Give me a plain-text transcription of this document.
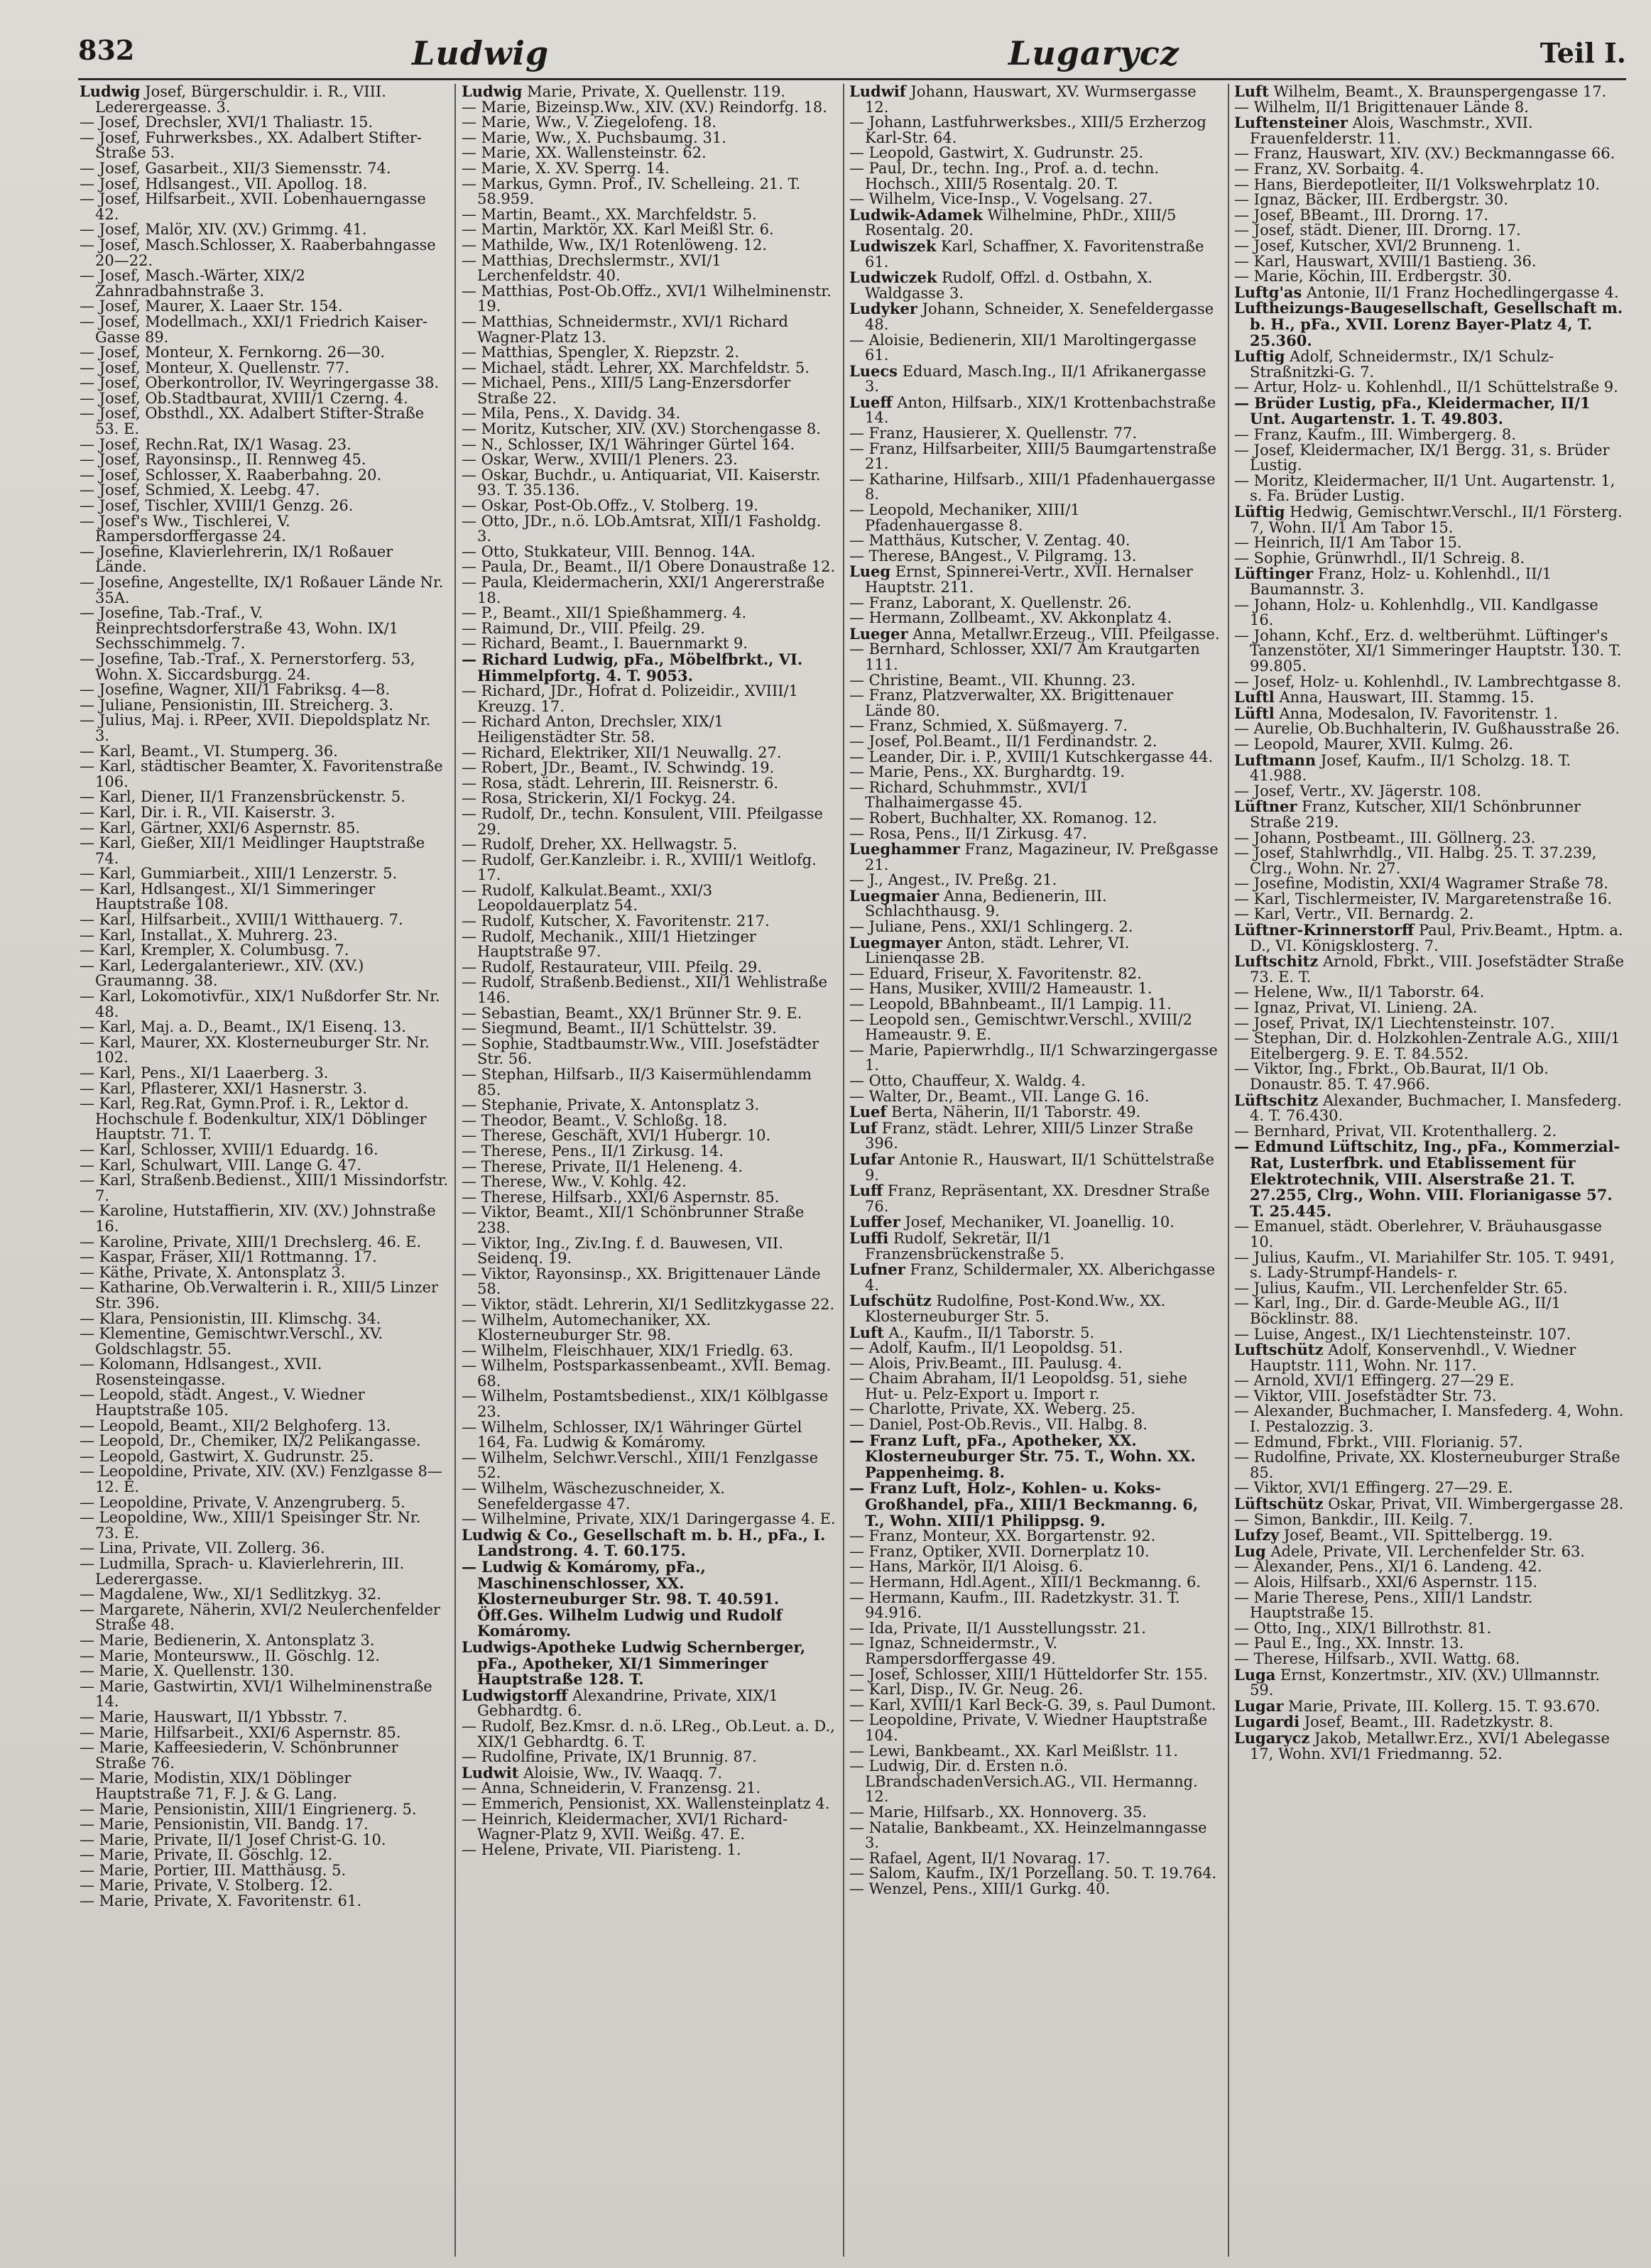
832	Ludwig	Lugarycz	Teil I.

Ludwig Josef, Bürgerschuldir. i. R., VIII. Lederergeasse. 3.

— Josef, Drechsler, XVI/1 Thaliastr. 15.

— Josef, Fuhrwerksbes., XX. Adalbert Stifter-Straße 53.

— Josef, Gasarbeit., XII/3 Siemensstr. 74.

— Josef, Hdlsangest., VII. Apollog. 18.

— Josef, Hilfsarbeit., XVII. Lobenhauerngasse 42.

— Josef, Malör, XIV. (XV.) Grimmg. 41.

— Josef, Masch.Schlosser, X. Raaberbahngasse 20—22.

— Josef, Masch.-Wärter, XIX/2 Zahnradbahnstraße 3.

— Josef, Maurer, X. Laaer Str. 154.

— Josef, Modellmach., XXI/1 Friedrich Kaiser-Gasse 89.

— Josef, Monteur, X. Fernkorng. 26—30.

— Josef, Monteur, X. Quellenstr. 77.

— Josef, Oberkontrollor, IV. Weyringergasse 38.

— Josef, Ob.Stadtbaurat, XVIII/1 Czerng. 4.

— Josef, Obsthdl., XX. Adalbert Stifter-Straße 53. E.

— Josef, Rechn.Rat, IX/1 Wasag. 23.

— Josef, Rayonsinsp., II. Rennweg 45.

— Josef, Schlosser, X. Raaberbahng. 20.

— Josef, Schmied, X. Leebg. 47.

— Josef, Tischler, XVIII/1 Genzg. 26.

— Josef's Ww., Tischlerei, V. Rampersdorffergasse 24.

— Josefine, Klavierlehrerin, IX/1 Roßauer Lände.

— Josefine, Angestellte, IX/1 Roßauer Lände Nr. 35A.

— Josefine, Tab.-Traf., V. Reinprechtsdorferstraße 43, Wohn. IX/1 Sechsschimmelg. 7.

— Josefine, Tab.-Traf., X. Pernerstorferg. 53, Wohn. X. Siccardsburgg. 24.

— Josefine, Wagner, XII/1 Fabriksg. 4—8.

— Juliane, Pensionistin, III. Streicherg. 3.

— Julius, Maj. i. RPeer, XVII. Diepoldsplatz Nr. 3.

— Karl, Beamt., VI. Stumperg. 36.

— Karl, städtischer Beamter, X. Favoritenstraße 106.

— Karl, Diener, II/1 Franzensbrückenstr. 5.

— Karl, Dir. i. R., VII. Kaiserstr. 3.

— Karl, Gärtner, XXI/6 Aspernstr. 85.

— Karl, Gießer, XII/1 Meidlinger Hauptstraße 74.

— Karl, Gummiarbeit., XIII/1 Lenzerstr. 5.

— Karl, Hdlsangest., XI/1 Simmeringer Hauptstraße 108.

— Karl, Hilfsarbeit., XVIII/1 Witthauerg. 7.

— Karl, Installat., X. Muhrerg. 23.

— Karl, Krempler, X. Columbusg. 7.

— Karl, Ledergalanteriewr., XIV. (XV.) Graumanng. 38.

— Karl, Lokomotivfür., XIX/1 Nußdorfer Str. Nr. 48.

— Karl, Maj. a. D., Beamt., IX/1 Eisenq. 13.

— Karl, Maurer, XX. Klosterneuburger Str. Nr. 102.

— Karl, Pens., XI/1 Laaerberg. 3.

— Karl, Pflasterer, XXI/1 Hasnerstr. 3.

— Karl, Reg.Rat, Gymn.Prof. i. R., Lektor d. Hochschule f. Bodenkultur, XIX/1 Döblinger Hauptstr. 71. T.

— Karl, Schlosser, XVIII/1 Eduardg. 16.

— Karl, Schulwart, VIII. Lange G. 47.

— Karl, Straßenb.Bedienst., XIII/1 Missindorfstr. 7.

— Karoline, Hutstaffierin, XIV. (XV.) Johnstraße 16.

— Karoline, Private, XIII/1 Drechslerg. 46. E.

— Kaspar, Fräser, XII/1 Rottmanng. 17.

— Käthe, Private, X. Antonsplatz 3.

— Katharine, Ob.Verwalterin i. R., XIII/5 Linzer Str. 396.

— Klara, Pensionistin, III. Klimschg. 34.

— Klementine, Gemischtwr.Verschl., XV. Goldschlagstr. 55.

— Kolomann, Hdlsangest., XVII. Rosensteingasse.

— Leopold, städt. Angest., V. Wiedner Hauptstraße 105.

— Leopold, Beamt., XII/2 Belghoferg. 13.

— Leopold, Dr., Chemiker, IX/2 Pelikangasse.

— Leopold, Gastwirt, X. Gudrunstr. 25.

— Leopoldine, Private, XIV. (XV.) Fenzlgasse 8—12. E.

— Leopoldine, Private, V. Anzengruberg. 5.

— Leopoldine, Ww., XIII/1 Speisinger Str. Nr. 73. E.

— Lina, Private, VII. Zollerg. 36.

— Ludmilla, Sprach- u. Klavierlehrerin, III. Lederergasse.

— Magdalene, Ww., XI/1 Sedlitzkyg. 32.

— Margarete, Näherin, XVI/2 Neulerchenfelder Straße 48.

— Marie, Bedienerin, X. Antonsplatz 3.

— Marie, Monteursww., II. Göschlg. 12.

— Marie, X. Quellenstr. 130.

— Marie, Gastwirtin, XVI/1 Wilhelminenstraße 14.

— Marie, Hauswart, II/1 Ybbsstr. 7.

— Marie, Hilfsarbeit., XXI/6 Aspernstr. 85.

— Marie, Kaffeesiederin, V. Schönbrunner Straße 76.

— Marie, Modistin, XIX/1 Döblinger Hauptstraße 71, F. J. & G. Lang.

— Marie, Pensionistin, XIII/1 Eingrienerg. 5.

— Marie, Pensionistin, VII. Bandg. 17.

— Marie, Private, II/1 Josef Christ-G. 10.

— Marie, Private, II. Göschlg. 12.

— Marie, Portier, III. Matthäusg. 5.

— Marie, Private, V. Stolberg. 12.

— Marie, Private, X. Favoritenstr. 61.

Ludwig Marie, Private, X. Quellenstr. 119.

— Marie, Bizeinsp.Ww., XIV. (XV.) Reindorfg. 18.

— Marie, Ww., V. Ziegelofeng. 18.

— Marie, Ww., X. Puchsbaumg. 31.

— Marie, XX. Wallensteinstr. 62.

— Marie, X. XV. Sperrg. 14.

— Markus, Gymn. Prof., IV. Schelleing. 21. T. 58.959.

— Martin, Beamt., XX. Marchfeldstr. 5.

— Martin, Marktör, XX. Karl Meißl Str. 6.

— Mathilde, Ww., IX/1 Rotenlöweng. 12.

— Matthias, Drechslermstr., XVI/1 Lerchenfeldstr. 40.

— Matthias, Post-Ob.Offz., XVI/1 Wilhelminenstr. 19.

— Matthias, Schneidermstr., XVI/1 Richard Wagner-Platz 13.

— Matthias, Spengler, X. Riepzstr. 2.

— Michael, städt. Lehrer, XX. Marchfeldstr. 5.

— Michael, Pens., XIII/5 Lang-Enzersdorfer Straße 22.

— Mila, Pens., X. Davidg. 34.

— Moritz, Kutscher, XIV. (XV.) Storchengasse 8.

— N., Schlosser, IX/1 Währinger Gürtel 164.

— Oskar, Werw., XVIII/1 Pleners. 23.

— Oskar, Buchdr., u. Antiquariat, VII. Kaiserstr. 93. T. 35.136.

— Oskar, Post-Ob.Offz., V. Stolberg. 19.

— Otto, JDr., n.ö. LOb.Amtsrat, XIII/1 Fasholdg. 3.

— Otto, Stukkateur, VIII. Bennog. 14A.

— Paula, Dr., Beamt., II/1 Obere Donaustraße 12.

— Paula, Kleidermacherin, XXI/1 Angererstraße 18.

— P., Beamt., XII/1 Spießhammerg. 4.

— Raimund, Dr., VIII. Pfeilg. 29.

— Richard, Beamt., I. Bauernmarkt 9.

— Richard Ludwig, pFa., Möbelfbrkt., VI. Himmelpfortg. 4. T. 9053.

— Richard, JDr., Hofrat d. Polizeidir., XVIII/1 Kreuzg. 17.

— Richard Anton, Drechsler, XIX/1 Heiligenstädter Str. 58.

— Richard, Elektriker, XII/1 Neuwallg. 27.

— Robert, JDr., Beamt., IV. Schwindg. 19.

— Rosa, städt. Lehrerin, III. Reisnerstr. 6.

— Rosa, Strickerin, XI/1 Fockyg. 24.

— Rudolf, Dr., techn. Konsulent, VIII. Pfeilgasse 29.

— Rudolf, Dreher, XX. Hellwagstr. 5.

— Rudolf, Ger.Kanzleibr. i. R., XVIII/1 Weitlofg. 17.

— Rudolf, Kalkulat.Beamt., XXI/3 Leopoldauerplatz 54.

— Rudolf, Kutscher, X. Favoritenstr. 217.

— Rudolf, Mechanik., XIII/1 Hietzinger Hauptstraße 97.

— Rudolf, Restaurateur, VIII. Pfeilg. 29.

— Rudolf, Straßenb.Bedienst., XII/1 Wehlistraße 146.

— Sebastian, Beamt., XX/1 Brünner Str. 9. E.

— Siegmund, Beamt., II/1 Schüttelstr. 39.

— Sophie, Stadtbaumstr.Ww., VIII. Josefstädter Str. 56.

— Stephan, Hilfsarb., II/3 Kaisermühlendamm 85.

— Stephanie, Private, X. Antonsplatz 3.

— Theodor, Beamt., V. Schloßg. 18.

— Therese, Geschäft, XVI/1 Hubergr. 10.

— Therese, Pens., II/1 Zirkusg. 14.

— Therese, Private, II/1 Heleneng. 4.

— Therese, Ww., V. Kohlg. 42.

— Therese, Hilfsarb., XXI/6 Aspernstr. 85.

— Viktor, Beamt., XII/1 Schönbrunner Straße 238.

— Viktor, Ing., Ziv.Ing. f. d. Bauwesen, VII. Seidenq. 19.

— Viktor, Rayonsinsp., XX. Brigittenauer Lände 58.

— Viktor, städt. Lehrerin, XI/1 Sedlitzkygasse 22.

— Wilhelm, Automechaniker, XX. Klosterneuburger Str. 98.

— Wilhelm, Fleischhauer, XIX/1 Friedlg. 63.

— Wilhelm, Postsparkassenbeamt., XVII. Bemag. 68.

— Wilhelm, Postamtsbedienst., XIX/1 Kölblgasse 23.

— Wilhelm, Schlosser, IX/1 Währinger Gürtel 164, Fa. Ludwig & Komáromy.

— Wilhelm, Selchwr.Verschl., XIII/1 Fenzlgasse 52.

— Wilhelm, Wäschezuschneider, X. Senefeldergasse 47.

— Wilhelmine, Private, XIX/1 Daringergasse 4. E.

Ludwig & Co., Gesellschaft m. b. H., pFa., I. Landstrong. 4. T. 60.175.

— Ludwig & Komáromy, pFa., Maschinenschlosser, XX. Klosterneuburger Str. 98. T. 40.591. Öff.Ges. Wilhelm Ludwig und Rudolf Komáromy.

Ludwigs-Apotheke Ludwig Schernberger, pFa., Apotheker, XI/1 Simmeringer Hauptstraße 128. T.

Ludwigstorff Alexandrine, Private, XIX/1 Gebhardtg. 6.

— Rudolf, Bez.Kmsr. d. n.ö. LReg., Ob.Leut. a. D., XIX/1 Gebhardtg. 6. T.

— Rudolfine, Private, IX/1 Brunnig. 87.

Ludwit Aloisie, Ww., IV. Waaqq. 7.

— Anna, Schneiderin, V. Franzensg. 21.

— Emmerich, Pensionist, XX. Wallensteinplatz 4.

— Heinrich, Kleidermacher, XVI/1 Richard-Wagner-Platz 9, XVII. Weißg. 47. E.

— Helene, Private, VII. Piaristeng. 1.

Ludwif Johann, Hauswart, XV. Wurmsergasse 12.

— Johann, Lastfuhrwerksbes., XIII/5 Erzherzog Karl-Str. 64.

— Leopold, Gastwirt, X. Gudrunstr. 25.

— Paul, Dr., techn. Ing., Prof. a. d. techn. Hochsch., XIII/5 Rosentalg. 20. T.

— Wilhelm, Vice-Insp., V. Vogelsang. 27.

Ludwik-Adamek Wilhelmine, PhDr., XIII/5 Rosentalg. 20.

Ludwiszek Karl, Schaffner, X. Favoritenstraße 61.

Ludwiczek Rudolf, Offzl. d. Ostbahn, X. Waldgasse 3.

Ludyker Johann, Schneider, X. Senefeldergasse 48.

— Aloisie, Bedienerin, XII/1 Maroltingergasse 61.

Luecs Eduard, Masch.Ing., II/1 Afrikanergasse 3.

Lueff Anton, Hilfsarb., XIX/1 Krottenbachstraße 14.

— Franz, Hausierer, X. Quellenstr. 77.

— Franz, Hilfsarbeiter, XIII/5 Baumgartenstraße 21.

— Katharine, Hilfsarb., XIII/1 Pfadenhauergasse 8.

— Leopold, Mechaniker, XIII/1 Pfadenhauergasse 8.

— Matthäus, Kutscher, V. Zentag. 40.

— Therese, BAngest., V. Pilgramg. 13.

Lueg Ernst, Spinnerei-Vertr., XVII. Hernalser Hauptstr. 211.

— Franz, Laborant, X. Quellenstr. 26.

— Hermann, Zollbeamt., XV. Akkonplatz 4.

Lueger Anna, Metallwr.Erzeug., VIII. Pfeilgasse.

— Bernhard, Schlosser, XXI/7 Am Krautgarten 111.

— Christine, Beamt., VII. Khunng. 23.

— Franz, Platzverwalter, XX. Brigittenauer Lände 80.

— Franz, Schmied, X. Süßmayerg. 7.

— Josef, Pol.Beamt., II/1 Ferdinandstr. 2.

— Leander, Dir. i. P., XVIII/1 Kutschkergasse 44.

— Marie, Pens., XX. Burghardtg. 19.

— Richard, Schuhmmstr., XVI/1 Thalhaimergasse 45.

— Robert, Buchhalter, XX. Romanog. 12.

— Rosa, Pens., II/1 Zirkusg. 47.

Lueghammer Franz, Magazineur, IV. Preßgasse 21.

— J., Angest., IV. Preßg. 21.

Luegmaier Anna, Bedienerin, III. Schlachthausg. 9.

— Juliane, Pens., XXI/1 Schlingerg. 2.

Luegmayer Anton, städt. Lehrer, VI. Linienqasse 2B.

— Eduard, Friseur, X. Favoritenstr. 82.

— Hans, Musiker, XVIII/2 Hameaustr. 1.

— Leopold, BBahnbeamt., II/1 Lampig. 11.

— Leopold sen., Gemischtwr.Verschl., XVIII/2 Hameaustr. 9. E.

— Marie, Papierwrhdlg., II/1 Schwarzingergasse 1.

— Otto, Chauffeur, X. Waldg. 4.

— Walter, Dr., Beamt., VII. Lange G. 16.

Luef Berta, Näherin, II/1 Taborstr. 49.

Luf Franz, städt. Lehrer, XIII/5 Linzer Straße 396.

Lufar Antonie R., Hauswart, II/1 Schüttelstraße 9.

Luff Franz, Repräsentant, XX. Dresdner Straße 76.

Luffer Josef, Mechaniker, VI. Joanellig. 10.

Luffi Rudolf, Sekretär, II/1 Franzensbrückenstraße 5.

Lufner Franz, Schildermaler, XX. Alberichgasse 4.

Lufschütz Rudolfine, Post-Kond.Ww., XX. Klosterneuburger Str. 5.

Luft A., Kaufm., II/1 Taborstr. 5.

— Adolf, Kaufm., II/1 Leopoldsg. 51.

— Alois, Priv.Beamt., III. Paulusg. 4.

— Chaim Abraham, II/1 Leopoldsg. 51, siehe Hut- u. Pelz-Export u. Import r.

— Charlotte, Private, XX. Weberg. 25.

— Daniel, Post-Ob.Revis., VII. Halbg. 8.

— Franz Luft, pFa., Apotheker, XX. Klosterneuburger Str. 75. T., Wohn. XX. Pappenheimg. 8.

— Franz Luft, Holz-, Kohlen- u. Koks-Großhandel, pFa., XIII/1 Beckmanng. 6, T., Wohn. XIII/1 Philippsg. 9.

— Franz, Monteur, XX. Borgartenstr. 92.

— Franz, Optiker, XVII. Dornerplatz 10.

— Hans, Markör, II/1 Aloisg. 6.

— Hermann, Hdl.Agent., XIII/1 Beckmanng. 6.

— Hermann, Kaufm., III. Radetzkystr. 31. T. 94.916.

— Ida, Private, II/1 Ausstellungsstr. 21.

— Ignaz, Schneidermstr., V. Rampersdorffergasse 49.

— Josef, Schlosser, XIII/1 Hütteldorfer Str. 155.

— Karl, Disp., IV. Gr. Neug. 26.

— Karl, XVIII/1 Karl Beck-G. 39, s. Paul Dumont.

— Leopoldine, Private, V. Wiedner Hauptstraße 104.

— Lewi, Bankbeamt., XX. Karl Meißlstr. 11.

— Ludwig, Dir. d. Ersten n.ö. LBrandschadenVersich.AG., VII. Hermanng. 12.

— Marie, Hilfsarb., XX. Honnoverg. 35.

— Natalie, Bankbeamt., XX. Heinzelmanngasse 3.

— Rafael, Agent, II/1 Novarag. 17.

— Salom, Kaufm., IX/1 Porzellang. 50. T. 19.764.

— Wenzel, Pens., XIII/1 Gurkg. 40.

Luft Wilhelm, Beamt., X. Braunspergengasse 17.

— Wilhelm, II/1 Brigittenauer Lände 8.

Luftensteiner Alois, Waschmstr., XVII. Frauenfelderstr. 11.

— Franz, Hauswart, XIV. (XV.) Beckmanngasse 66.

— Franz, XV. Sorbaitg. 4.

— Hans, Bierdepotleiter, II/1 Volkswehrplatz 10.

— Ignaz, Bäcker, III. Erdbergstr. 30.

— Josef, BBeamt., III. Drorng. 17.

— Josef, städt. Diener, III. Drorng. 17.

— Josef, Kutscher, XVI/2 Brunneng. 1.

— Karl, Hauswart, XVIII/1 Bastieng. 36.

— Marie, Köchin, III. Erdbergstr. 30.

Luftg'as Antonie, II/1 Franz Hochedlingergasse 4.

Luftheizungs-Baugesellschaft, Gesellschaft m. b. H., pFa., XVII. Lorenz Bayer-Platz 4, T. 25.360.

Luftig Adolf, Schneidermstr., IX/1 Schulz-Straßnitzki-G. 7.

— Artur, Holz- u. Kohlenhdl., II/1 Schüttelstraße 9.

— Brüder Lustig, pFa., Kleidermacher, II/1 Unt. Augartenstr. 1. T. 49.803.

— Franz, Kaufm., III. Wimbergerg. 8.

— Josef, Kleidermacher, IX/1 Bergg. 31, s. Brüder Lustig.

— Moritz, Kleidermacher, II/1 Unt. Augartenstr. 1, s. Fa. Brüder Lustig.

Lüftig Hedwig, Gemischtwr.Verschl., II/1 Försterg. 7, Wohn. II/1 Am Tabor 15.

— Heinrich, II/1 Am Tabor 15.

— Sophie, Grünwrhdl., II/1 Schreig. 8.

Lüftinger Franz, Holz- u. Kohlenhdl., II/1 Baumannstr. 3.

— Johann, Holz- u. Kohlenhdlg., VII. Kandlgasse 16.

— Johann, Kchf., Erz. d. weltberühmt. Lüftinger's Tanzenstöter, XI/1 Simmeringer Hauptstr. 130. T. 99.805.

— Josef, Holz- u. Kohlenhdl., IV. Lambrechtgasse 8.

Luftl Anna, Hauswart, III. Stammg. 15.

Lüftl Anna, Modesalon, IV. Favoritenstr. 1.

— Aurelie, Ob.Buchhalterin, IV. Gußhausstraße 26.

— Leopold, Maurer, XVII. Kulmg. 26.

Luftmann Josef, Kaufm., II/1 Scholzg. 18. T. 41.988.

— Josef, Vertr., XV. Jägerstr. 108.

Lüftner Franz, Kutscher, XII/1 Schönbrunner Straße 219.

— Johann, Postbeamt., III. Göllnerg. 23.

— Josef, Stahlwrhdlg., VII. Halbg. 25. T. 37.239, Clrg., Wohn. Nr. 27.

— Josefine, Modistin, XXI/4 Wagramer Straße 78.

— Karl, Tischlermeister, IV. Margaretenstraße 16.

— Karl, Vertr., VII. Bernardg. 2.

Lüftner-Krinnerstorff Paul, Priv.Beamt., Hptm. a. D., VI. Königsklosterg. 7.

Luftschitz Arnold, Fbrkt., VIII. Josefstädter Straße 73. E. T.

— Helene, Ww., II/1 Taborstr. 64.

— Ignaz, Privat, VI. Linieng. 2A.

— Josef, Privat, IX/1 Liechtensteinstr. 107.

— Stephan, Dir. d. Holzkohlen-Zentrale A.G., XIII/1 Eitelbergerg. 9. E. T. 84.552.

— Viktor, Ing., Fbrkt., Ob.Baurat, II/1 Ob. Donaustr. 85. T. 47.966.

Lüftschitz Alexander, Buchmacher, I. Mansfederg. 4. T. 76.430.

— Bernhard, Privat, VII. Krotenthallerg. 2.

— Edmund Lüftschitz, Ing., pFa., Kommerzial-Rat, Lusterfbrk. und Etablissement für Elektrotechnik, VIII. Alserstraße 21. T. 27.255, Clrg., Wohn. VIII. Florianigasse 57. T. 25.445.

— Emanuel, städt. Oberlehrer, V. Bräuhausgasse 10.

— Julius, Kaufm., VI. Mariahilfer Str. 105. T. 9491, s. Lady-Strumpf-Handels- r.

— Julius, Kaufm., VII. Lerchenfelder Str. 65.

— Karl, Ing., Dir. d. Garde-Meuble AG., II/1 Böcklinstr. 88.

— Luise, Angest., IX/1 Liechtensteinstr. 107.

Luftschütz Adolf, Konservenhdl., V. Wiedner Hauptstr. 111, Wohn. Nr. 117.

— Arnold, XVI/1 Effingerg. 27—29 E.

— Viktor, VIII. Josefstädter Str. 73.

— Alexander, Buchmacher, I. Mansfederg. 4, Wohn. I. Pestalozzig. 3.

— Edmund, Fbrkt., VIII. Florianig. 57.

— Rudolfine, Private, XX. Klosterneuburger Straße 85.

— Viktor, XVI/1 Effingerg. 27—29. E.

Lüftschütz Oskar, Privat, VII. Wimbergergasse 28.

— Simon, Bankdir., III. Keilg. 7.

Lufzy Josef, Beamt., VII. Spittelbergg. 19.

Lug Adele, Private, VII. Lerchenfelder Str. 63.

— Alexander, Pens., XI/1 6. Landeng. 42.

— Alois, Hilfsarb., XXI/6 Aspernstr. 115.

— Marie Therese, Pens., XIII/1 Landstr. Hauptstraße 15.

— Otto, Ing., XIX/1 Billrothstr. 81.

— Paul E., Ing., XX. Innstr. 13.

— Therese, Hilfsarb., XVII. Wattg. 68.

Luga Ernst, Konzertmstr., XIV. (XV.) Ullmannstr. 59.

Lugar Marie, Private, III. Kollerg. 15. T. 93.670.

Lugardi Josef, Beamt., III. Radetzkystr. 8.

Lugarycz Jakob, Metallwr.Erz., XVI/1 Abelegasse 17, Wohn. XVI/1 Friedmanng. 52.
